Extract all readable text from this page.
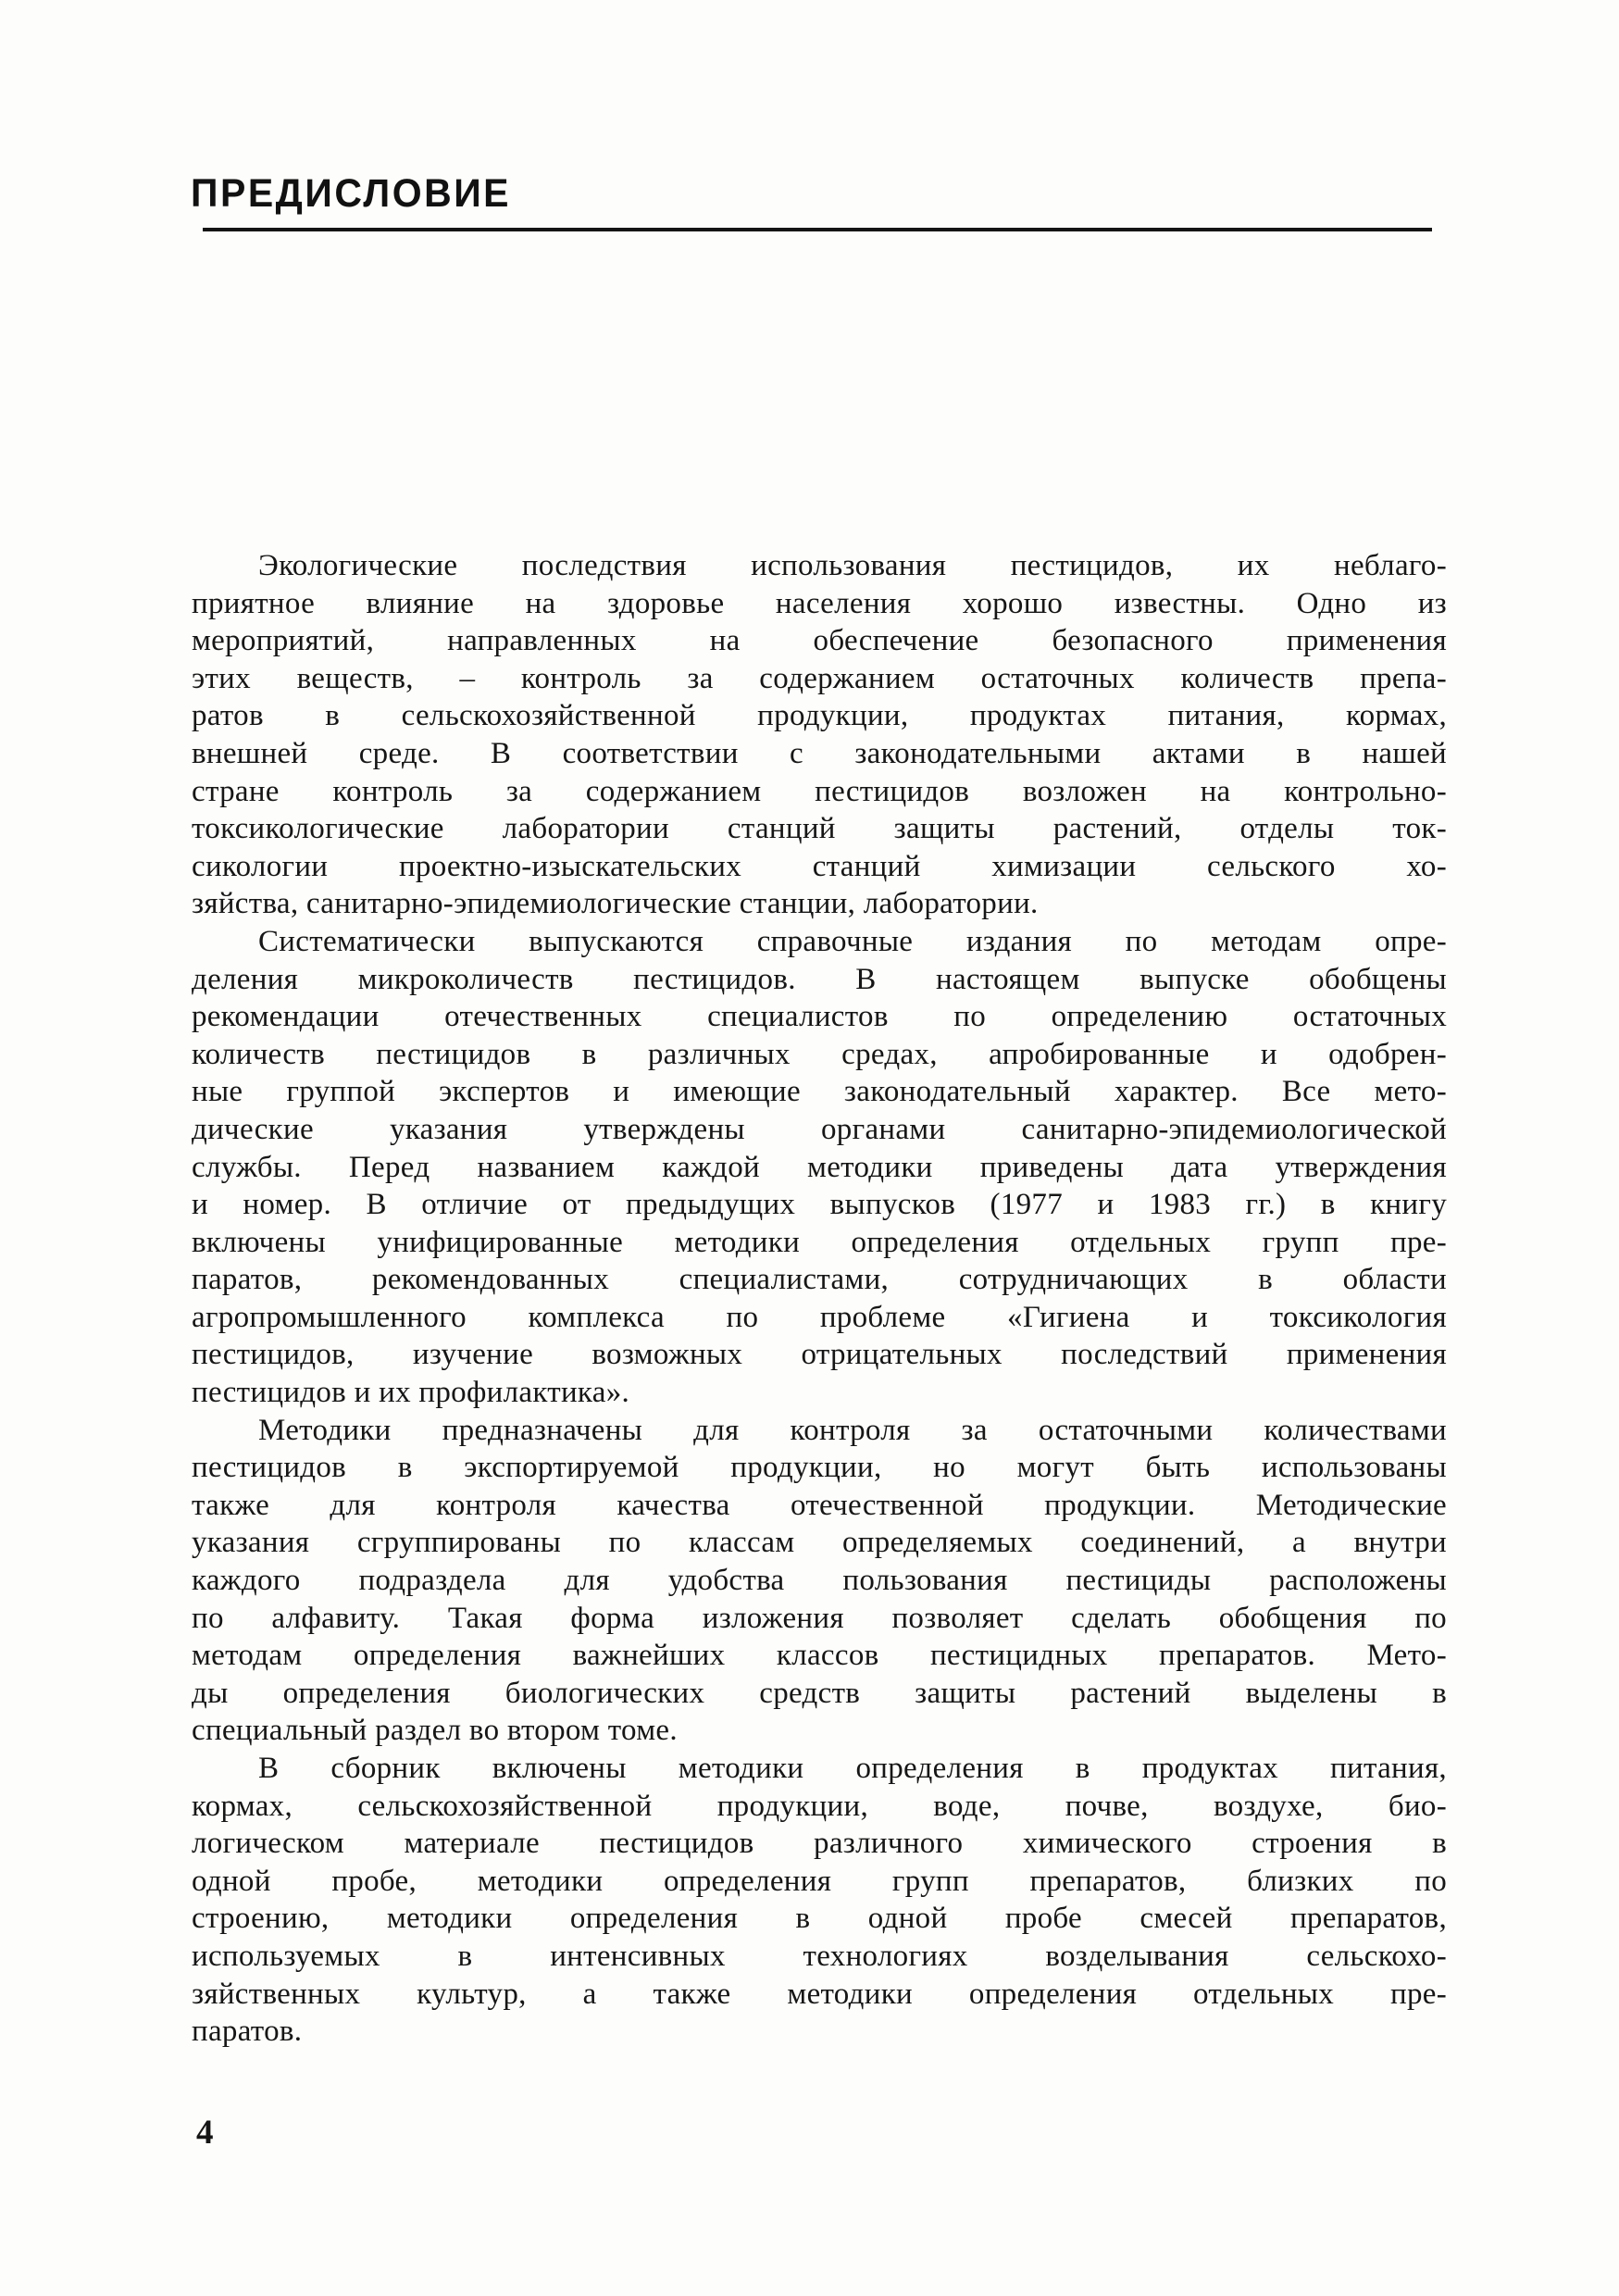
ПРЕДИСЛОВИЕ
Экологические последствия использования пестицидов, их неблаго-
приятное влияние на здоровье населения хорошо известны. Одно из
мероприятий, направленных на обеспечение безопасного применения
этих веществ, – контроль за содержанием остаточных количеств препа-
ратов в сельскохозяйственной продукции, продуктах питания, кормах,
внешней среде. В соответствии с законодательными актами в нашей
стране контроль за содержанием пестицидов возложен на контрольно-
токсикологические лаборатории станций защиты растений, отделы ток-
сикологии проектно-изыскательских станций химизации сельского хо-
зяйства, санитарно-эпидемиологические станции, лаборатории.
Систематически выпускаются справочные издания по методам опре-
деления микроколичеств пестицидов. В настоящем выпуске обобщены
рекомендации отечественных специалистов по определению остаточных
количеств пестицидов в различных средах, апробированные и одобрен-
ные группой экспертов и имеющие законодательный характер. Все мето-
дические указания утверждены органами санитарно-эпидемиологической
службы. Перед названием каждой методики приведены дата утверждения
и номер. В отличие от предыдущих выпусков (1977 и 1983 гг.) в книгу
включены унифицированные методики определения отдельных групп пре-
паратов, рекомендованных специалистами, сотрудничающих в области
агропромышленного комплекса по проблеме «Гигиена и токсикология
пестицидов, изучение возможных отрицательных последствий применения
пестицидов и их профилактика».
Методики предназначены для контроля за остаточными количествами
пестицидов в экспортируемой продукции, но могут быть использованы
также для контроля качества отечественной продукции. Методические
указания сгруппированы по классам определяемых соединений, а внутри
каждого подраздела для удобства пользования пестициды расположены
по алфавиту. Такая форма изложения позволяет сделать обобщения по
методам определения важнейших классов пестицидных препаратов. Мето-
ды определения биологических средств защиты растений выделены в
специальный раздел во втором томе.
В сборник включены методики определения в продуктах питания,
кормах, сельскохозяйственной продукции, воде, почве, воздухе, био-
логическом материале пестицидов различного химического строения в
одной пробе, методики определения групп препаратов, близких по
строению, методики определения в одной пробе смесей препаратов,
используемых в интенсивных технологиях возделывания сельскохо-
зяйственных культур, а также методики определения отдельных пре-
паратов.
4
